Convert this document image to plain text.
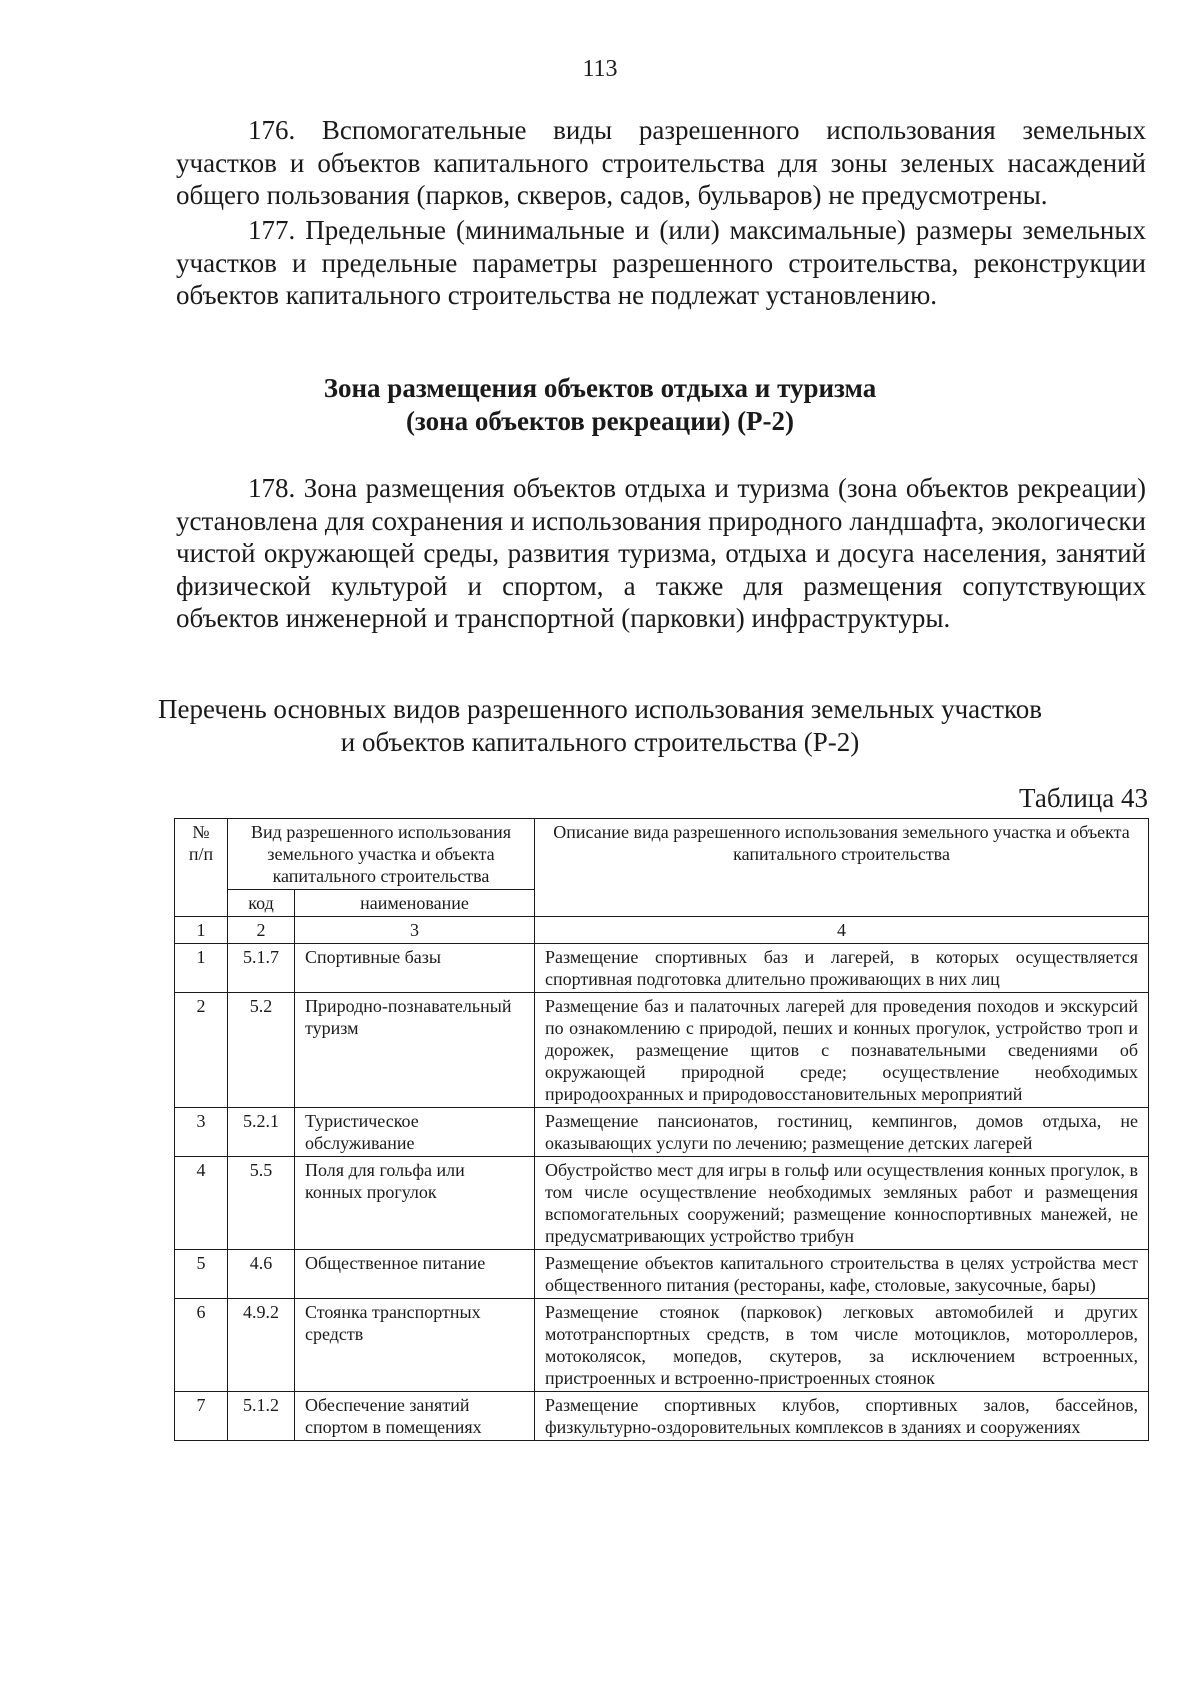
113

176. Вспомогательные виды разрешенного использования земельных участков и объектов капитального строительства для зоны зеленых насаждений общего пользования (парков, скверов, садов, бульваров) не предусмотрены.

177. Предельные (минимальные и (или) максимальные) размеры земельных участков и предельные параметры разрешенного строительства, реконструкции объектов капитального строительства не подлежат установлению.

Зона размещения объектов отдыха и туризма
(зона объектов рекреации) (Р-2)

178. Зона размещения объектов отдыха и туризма (зона объектов рекреации) установлена для сохранения и использования природного ландшафта, экологически чистой окружающей среды, развития туризма, отдыха и досуга населения, занятий физической культурой и спортом, а также для размещения сопутствующих объектов инженерной и транспортной (парковки) инфраструктуры.

Перечень основных видов разрешенного использования земельных участков
и объектов капитального строительства (Р-2)
Таблица 43
№ п/п	Вид разрешенного использования земельного участка и объекта капитального строительства		Описание вида разрешенного использования земельного участка и объекта капитального строительства
	код	наименование	
1	2	3	4
1	5.1.7	Спортивные базы	Размещение спортивных баз и лагерей, в которых осуществляется спортивная подготовка длительно проживающих в них лиц
2	5.2	Природно-познавательный туризм	Размещение баз и палаточных лагерей для проведения походов и экскурсий по ознакомлению с природой, пеших и конных прогулок, устройство троп и дорожек, размещение щитов с познавательными сведениями об окружающей природной среде; осуществление необходимых природоохранных и природовосстановительных мероприятий
3	5.2.1	Туристическое обслуживание	Размещение пансионатов, гостиниц, кемпингов, домов отдыха, не оказывающих услуги по лечению; размещение детских лагерей
4	5.5	Поля для гольфа или конных прогулок	Обустройство мест для игры в гольф или осуществления конных прогулок, в том числе осуществление необходимых земляных работ и размещения вспомогательных сооружений; размещение конноспортивных манежей, не предусматривающих устройство трибун
5	4.6	Общественное питание	Размещение объектов капитального строительства в целях устройства мест общественного питания (рестораны, кафе, столовые, закусочные, бары)
6	4.9.2	Стоянка транспортных средств	Размещение стоянок (парковок) легковых автомобилей и других мототранспортных средств, в том числе мотоциклов, мотороллеров, мотоколясок, мопедов, скутеров, за исключением встроенных, пристроенных и встроенно-пристроенных стоянок
7	5.1.2	Обеспечение занятий спортом в помещениях	Размещение спортивных клубов, спортивных залов, бассейнов, физкультурно-оздоровительных комплексов в зданиях и сооружениях
